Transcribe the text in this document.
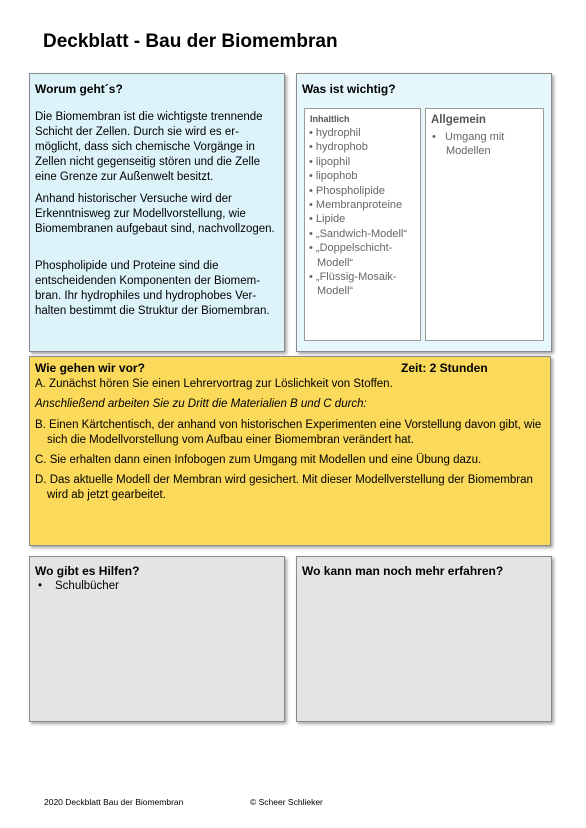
Deckblatt - Bau der Biomembran
Worum geht´s?

Die Biomembran ist die wichtigste trennende Schicht der Zellen. Durch sie wird es ermöglicht, dass sich chemische Vorgänge in Zellen nicht gegenseitig stören und die Zelle eine Grenze zur Außenwelt besitzt.

Anhand historischer Versuche wird der Erkenntnisweg zur Modellvorstellung, wie Biomembranen aufgebaut sind, nachvollzogen.

Phospholipide und Proteine sind die entscheidenden Komponenten der Biomembran. Ihr hydrophiles und hydrophobes Verhalten bestimmt die Struktur der Biomembran.

Was ist wichtig?
Inhaltlich
• hydrophil
• hydrophob
• lipophil
• lipophob
• Phospholipide
• Membranproteine
• Lipide
• „Sandwich-Modell“
• „Doppelschicht-Modell“
• „Flüssig-Mosaik-Modell“
Allgemein
•   Umgang mit Modellen
Wie gehen wir vor?	Zeit: 2 Stunden

A. Zunächst hören Sie einen Lehrervortrag zur Löslichkeit von Stoffen.

Anschließend arbeiten Sie zu Dritt die Materialien B und C durch:

B. Einen Kärtchentisch, der anhand von historischen Experimenten eine Vorstellung davon gibt, wie sich die Modellvorstellung vom Aufbau einer Biomembran verändert hat.

C. Sie erhalten dann einen Infobogen zum Umgang mit Modellen und eine Übung dazu.

D. Das aktuelle Modell der Membran wird gesichert. Mit dieser Modellverstellung der Biomembran wird ab jetzt gearbeitet.

Wo gibt es Hilfen?
• Schulbücher
Wo kann man noch mehr erfahren?
2020 Deckblatt Bau der Biomembran	© Scheer Schlieker
